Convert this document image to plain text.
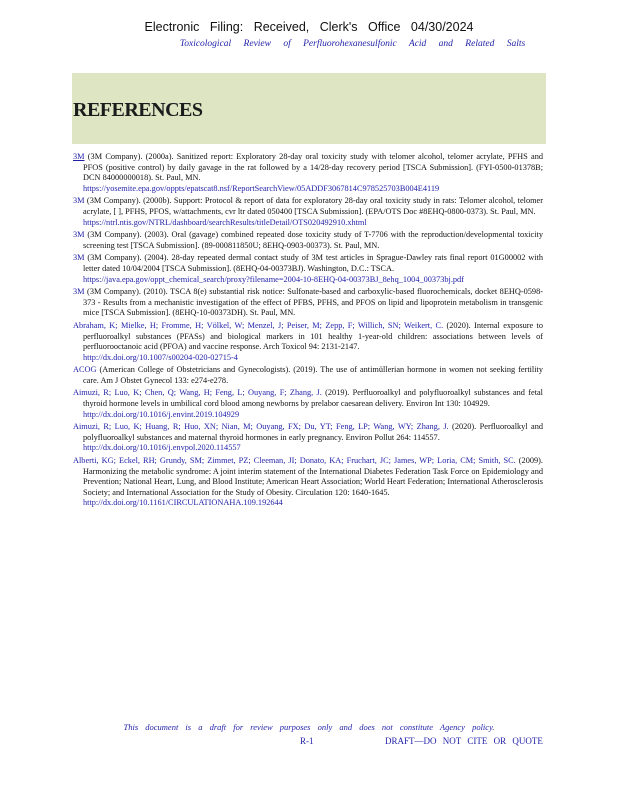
Electronic Filing: Received, Clerk's Office 04/30/2024
Toxicological Review of Perfluorohexanesulfonic Acid and Related Salts
REFERENCES

3M (3M Company). (2000a). Sanitized report: Exploratory 28-day oral toxicity study with telomer alcohol, telomer acrylate, PFHS and PFOS (positive control) by daily gavage in the rat followed by a 14/28-day recovery period [TSCA Submission]. (FYI-0500-01378B; DCN 84000000018). St. Paul, MN.
https://yosemite.epa.gov/oppts/epatscat8.nsf/ReportSearchView/05ADDF3067814C978525703B004E4119

3M (3M Company). (2000b). Support: Protocol & report of data for exploratory 28-day oral toxicity study in rats: Telomer alcohol, telomer acrylate, [ ], PFHS, PFOS, w/attachments, cvr ltr dated 050400 [TSCA Submission]. (EPA/OTS Doc #8EHQ-0800-0373). St. Paul, MN.
https://ntrl.ntis.gov/NTRL/dashboard/searchResults/titleDetail/OTS020492910.xhtml

3M (3M Company). (2003). Oral (gavage) combined repeated dose toxicity study of T-7706 with the reproduction/developmental toxicity screening test [TSCA Submission]. (89-000811850U; 8EHQ-0903-00373). St. Paul, MN.

3M (3M Company). (2004). 28-day repeated dermal contact study of 3M test articles in Sprague-Dawley rats final report 01G00002 with letter dated 10/04/2004 [TSCA Submission]. (8EHQ-04-00373BJ). Washington, D.C.: TSCA.
https://java.epa.gov/oppt_chemical_search/proxy?filename=2004-10-8EHQ-04-00373BJ_8ehq_1004_00373bj.pdf

3M (3M Company). (2010). TSCA 8(e) substantial risk notice: Sulfonate-based and carboxylic-based fluorochemicals, docket 8EHQ-0598-373 - Results from a mechanistic investigation of the effect of PFBS, PFHS, and PFOS on lipid and lipoprotein metabolism in transgenic mice [TSCA Submission]. (8EHQ-10-00373DH). St. Paul, MN.

Abraham, K; Mielke, H; Fromme, H; Völkel, W; Menzel, J; Peiser, M; Zepp, F; Willich, SN; Weikert, C. (2020). Internal exposure to perfluoroalkyl substances (PFASs) and biological markers in 101 healthy 1-year-old children: associations between levels of perfluorooctanoic acid (PFOA) and vaccine response. Arch Toxicol 94: 2131-2147.
http://dx.doi.org/10.1007/s00204-020-02715-4

ACOG (American College of Obstetricians and Gynecologists). (2019). The use of antimüllerian hormone in women not seeking fertility care. Am J Obstet Gynecol 133: e274-e278.

Aimuzi, R; Luo, K; Chen, Q; Wang, H; Feng, L; Ouyang, F; Zhang, J. (2019). Perfluoroalkyl and polyfluoroalkyl substances and fetal thyroid hormone levels in umbilical cord blood among newborns by prelabor caesarean delivery. Environ Int 130: 104929.
http://dx.doi.org/10.1016/j.envint.2019.104929

Aimuzi, R; Luo, K; Huang, R; Huo, XN; Nian, M; Ouyang, FX; Du, YT; Feng, LP; Wang, WY; Zhang, J. (2020). Perfluoroalkyl and polyfluoroalkyl substances and maternal thyroid hormones in early pregnancy. Environ Pollut 264: 114557.
http://dx.doi.org/10.1016/j.envpol.2020.114557

Alberti, KG; Eckel, RH; Grundy, SM; Zimmet, PZ; Cleeman, JI; Donato, KA; Fruchart, JC; James, WP; Loria, CM; Smith, SC. (2009). Harmonizing the metabolic syndrome: A joint interim statement of the International Diabetes Federation Task Force on Epidemiology and Prevention; National Heart, Lung, and Blood Institute; American Heart Association; World Heart Federation; International Atherosclerosis Society; and International Association for the Study of Obesity. Circulation 120: 1640-1645.
http://dx.doi.org/10.1161/CIRCULATIONAHA.109.192644

This document is a draft for review purposes only and does not constitute Agency policy.
R-1	DRAFT—DO NOT CITE OR QUOTE
